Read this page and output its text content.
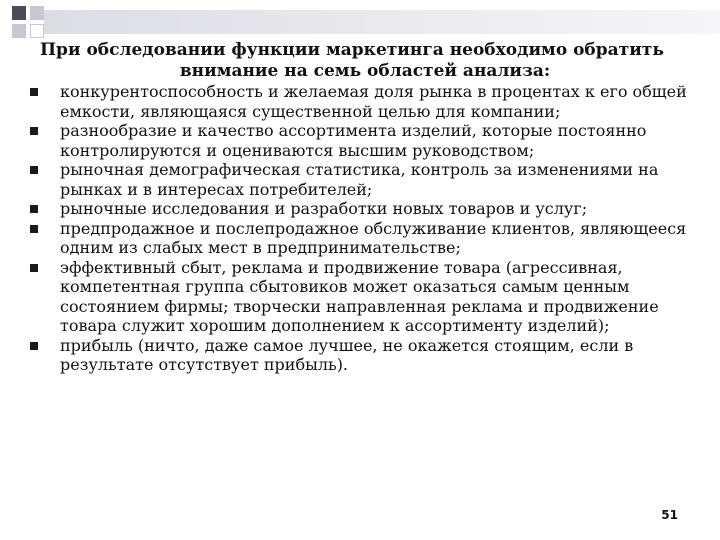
При обследовании функции маркетинга необходимо обратить
внимание на семь областей анализа:
конкурентоспособность и желаемая доля рынка в процентах к его общей емкости, являющаяся существенной целью для компании;
разнообразие и качество ассортимента изделий, которые постоянно контролируются и оцениваются высшим руководством;
рыночная демографическая статистика, контроль за изменениями на рынках и в интересах потребителей;
рыночные исследования и разработки новых товаров и услуг;
предпродажное и послепродажное обслуживание клиентов, являющееся одним из слабых мест в предпринимательстве;
эффективный сбыт, реклама и продвижение товара (агрессивная, компетентная группа сбытовиков может оказаться самым ценным состоянием фирмы; творчески направленная реклама и продвижение товара служит хорошим дополнением к ассортименту изделий);
прибыль (ничто, даже самое лучшее, не окажется стоящим, если в результате отсутствует прибыль).
51
